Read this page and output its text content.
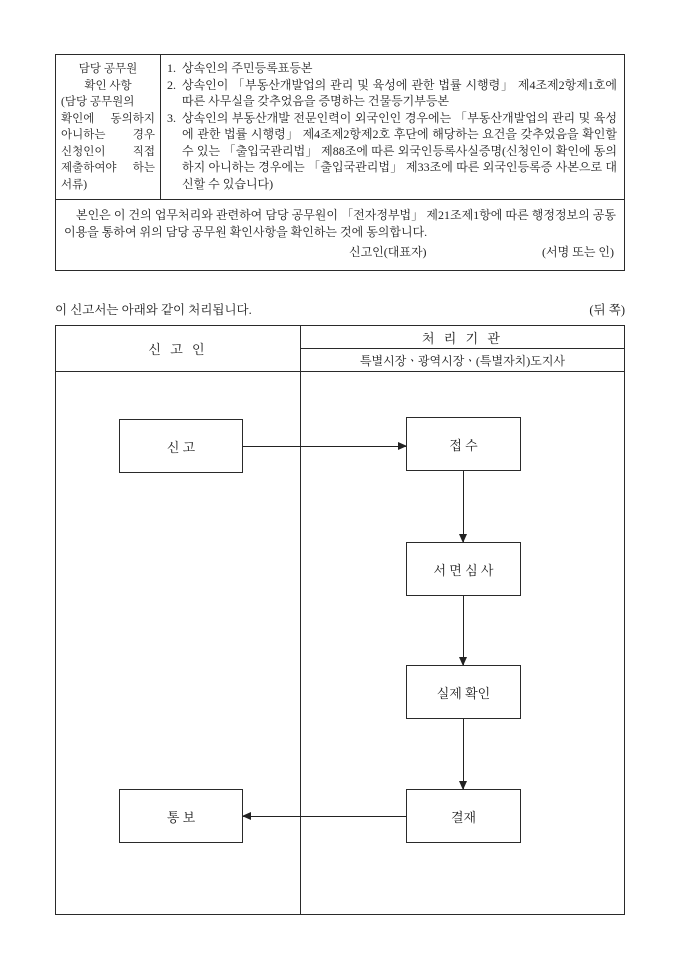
담당 공무원
확인 사항
(담당 공무원의
확인에 동의하지
아니하는 경우
신청인이 직접
제출하여야 하는
서류)
1. 상속인의 주민등록표등본
2. 상속인이 「부동산개발업의 관리 및 육성에 관한 법률 시행령」 제4조제2항제1호에 따른 사무실을 갖추었음을 증명하는 건물등기부등본
3. 상속인의 부동산개발 전문인력이 외국인인 경우에는 「부동산개발업의 관리 및 육성에 관한 법률 시행령」 제4조제2항제2호 후단에 해당하는 요건을 갖추었음을 확인할 수 있는 「출입국관리법」 제88조에 따른 외국인등록사실증명(신청인이 확인에 동의하지 아니하는 경우에는 「출입국관리법」 제33조에 따른 외국인등록증 사본으로 대신할 수 있습니다)

본인은 이 건의 업무처리와 관련하여 담당 공무원이 「전자정부법」 제21조제1항에 따른 행정정보의 공동이용을 통하여 위의 담당 공무원 확인사항을 확인하는 것에 동의합니다.

신고인(대표자)	(서명 또는 인)
이 신고서는 아래와 같이 처리됩니다.	(뒤 쪽)
신 고 인
처 리 기 관
특별시장ㆍ광역시장ㆍ(특별자치)도지사
신 고	접 수
서 면 심 사
실제 확인
결재
통 보
